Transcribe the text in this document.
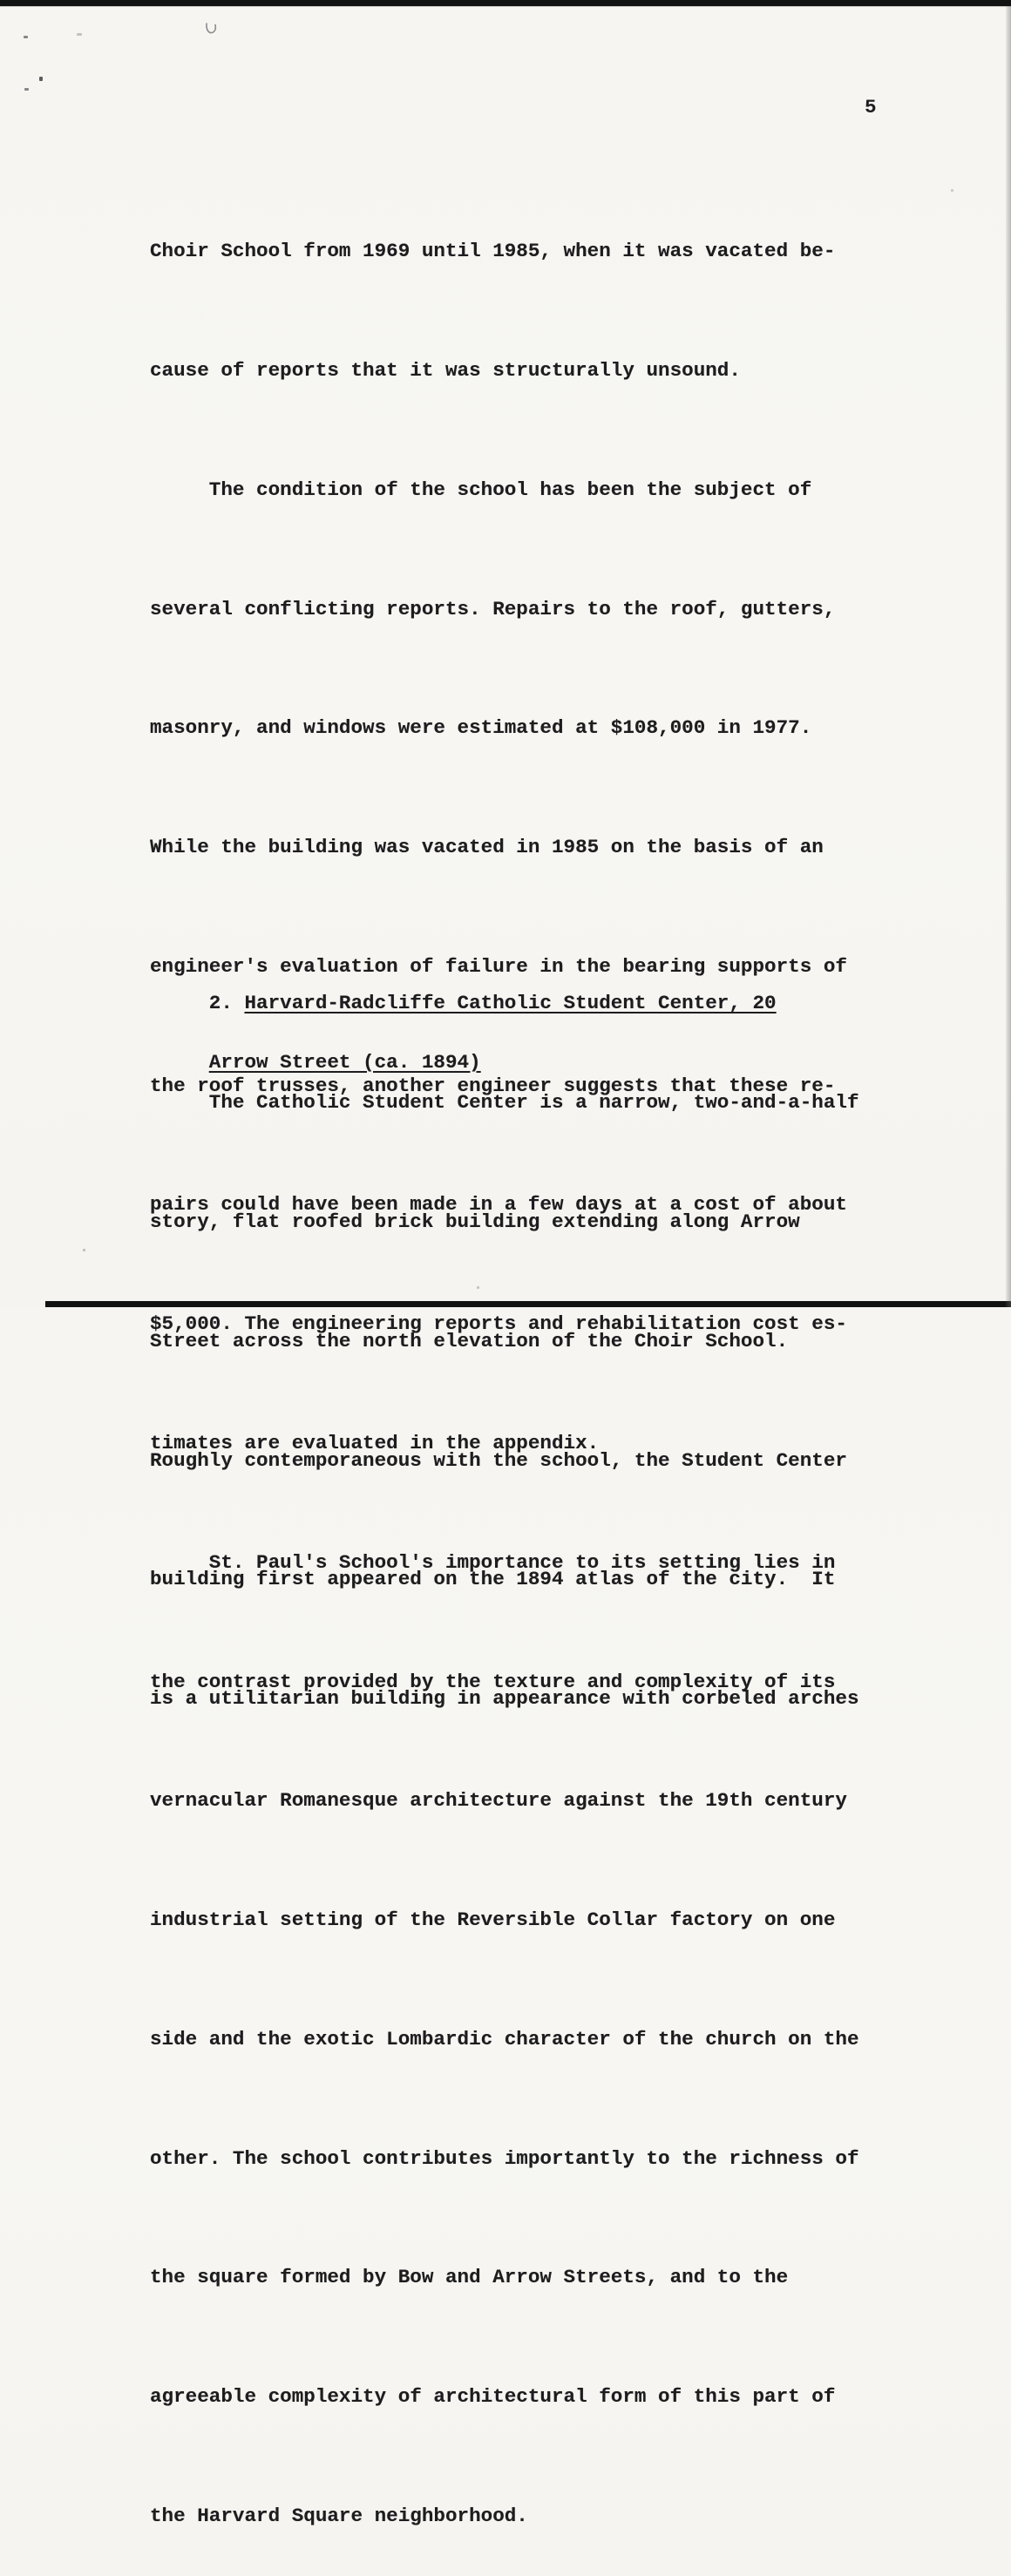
5

Choir School from 1969 until 1985, when it was vacated be-

cause of reports that it was structurally unsound.

The condition of the school has been the subject of

several conflicting reports. Repairs to the roof, gutters,

masonry, and windows were estimated at $108,000 in 1977.

While the building was vacated in 1985 on the basis of an

engineer's evaluation of failure in the bearing supports of

the roof trusses, another engineer suggests that these re-

pairs could have been made in a few days at a cost of about

$5,000. The engineering reports and rehabilitation cost es-

timates are evaluated in the appendix.

St. Paul's School's importance to its setting lies in

the contrast provided by the texture and complexity of its

vernacular Romanesque architecture against the 19th century

industrial setting of the Reversible Collar factory on one

side and the exotic Lombardic character of the church on the

other. The school contributes importantly to the richness of

the square formed by Bow and Arrow Streets, and to the

agreeable complexity of architectural form of this part of

the Harvard Square neighborhood.

2. Harvard-Radcliffe Catholic Student Center, 20

Arrow Street (ca. 1894)

The Catholic Student Center is a narrow, two-and-a-half

story, flat roofed brick building extending along Arrow

Street across the north elevation of the Choir School.

Roughly contemporaneous with the school, the Student Center

building first appeared on the 1894 atlas of the city.  It

is a utilitarian building in appearance with corbeled arches
